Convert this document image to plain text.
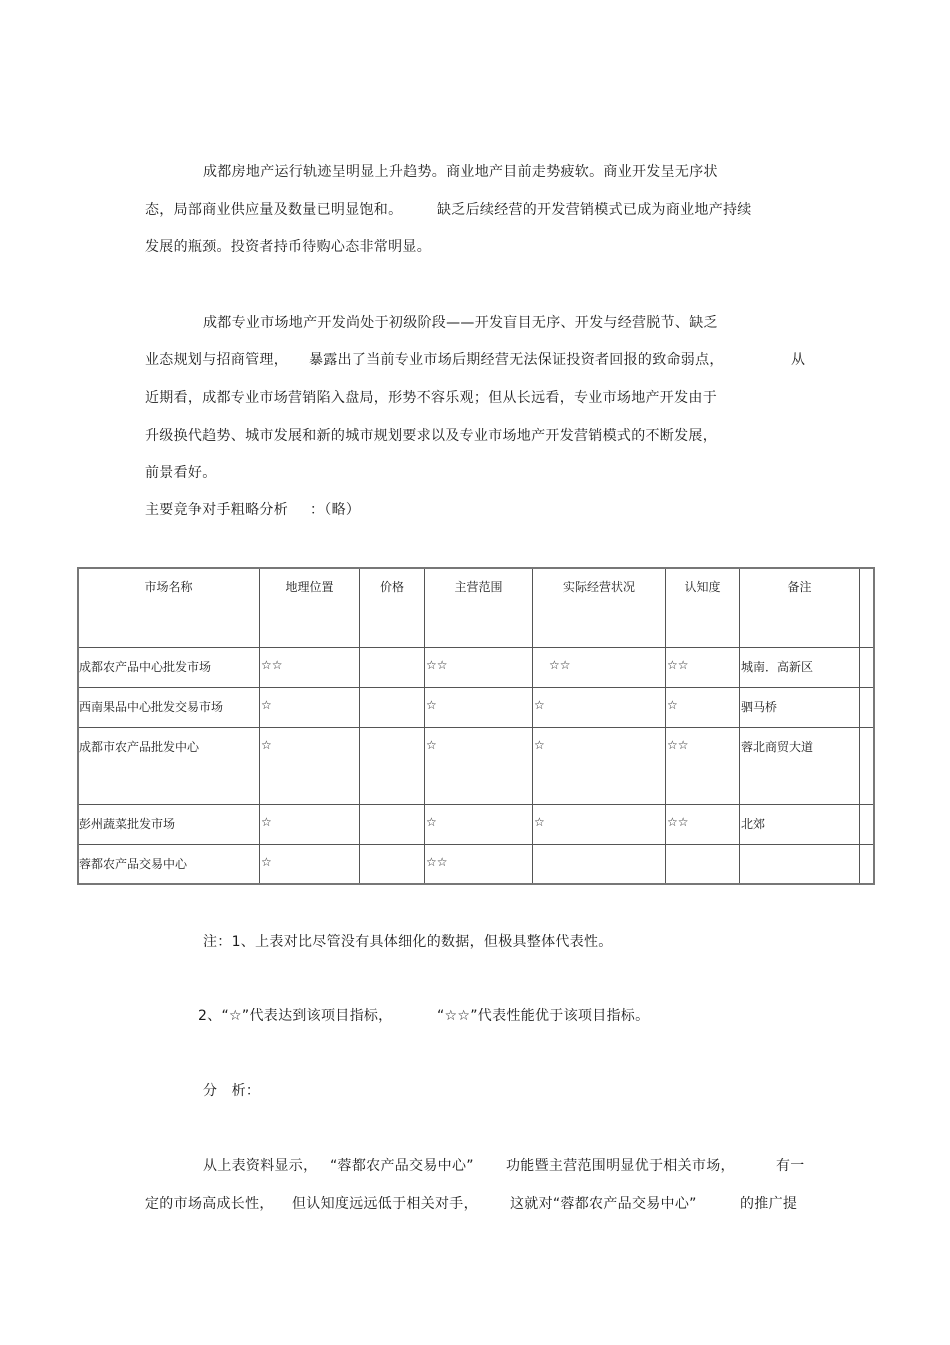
成都房地产运行轨迹呈明显上升趋势。商业地产目前走势疲软。商业开发呈无序状
态，局部商业供应量及数量已明显饱和。 缺乏后续经营的开发营销模式已成为商业地产持续
发展的瓶颈。投资者持币待购心态非常明显。
成都专业市场地产开发尚处于初级阶段——开发盲目无序、开发与经营脱节、缺乏
业态规划与招商管理， 暴露出了当前专业市场后期经营无法保证投资者回报的致命弱点，	从
近期看，成都专业市场营销陷入盘局，形势不容乐观；但从长远看，专业市场地产开发由于
升级换代趋势、城市发展和新的城市规划要求以及专业市场地产开发营销模式的不断发展，
前景看好。
主要竞争对手粗略分析 ：（略）
市场名称	地理位置	价格	主营范围	实际经营状况	认知度	备注	
成都农产品中心批发市场	☆☆		☆☆	☆☆	☆☆	城南．高新区	
西南果品中心批发交易市场	☆		☆	☆	☆	驷马桥	
成都市农产品批发中心	☆		☆	☆	☆☆	蓉北商贸大道	
彭州蔬菜批发市场	☆		☆	☆	☆☆	北郊	
蓉都农产品交易中心	☆		☆☆				
注：1、上表对比尽管没有具体细化的数据，但极具整体代表性。
2、“☆”代表达到该项目指标，	“☆☆”代表性能优于该项目指标。
分　析：
从上表资料显示， “蓉都农产品交易中心” 功能暨主营范围明显优于相关市场，	有一
定的市场高成长性， 但认知度远远低于相关对手， 这就对“蓉都农产品交易中心”	的推广提
